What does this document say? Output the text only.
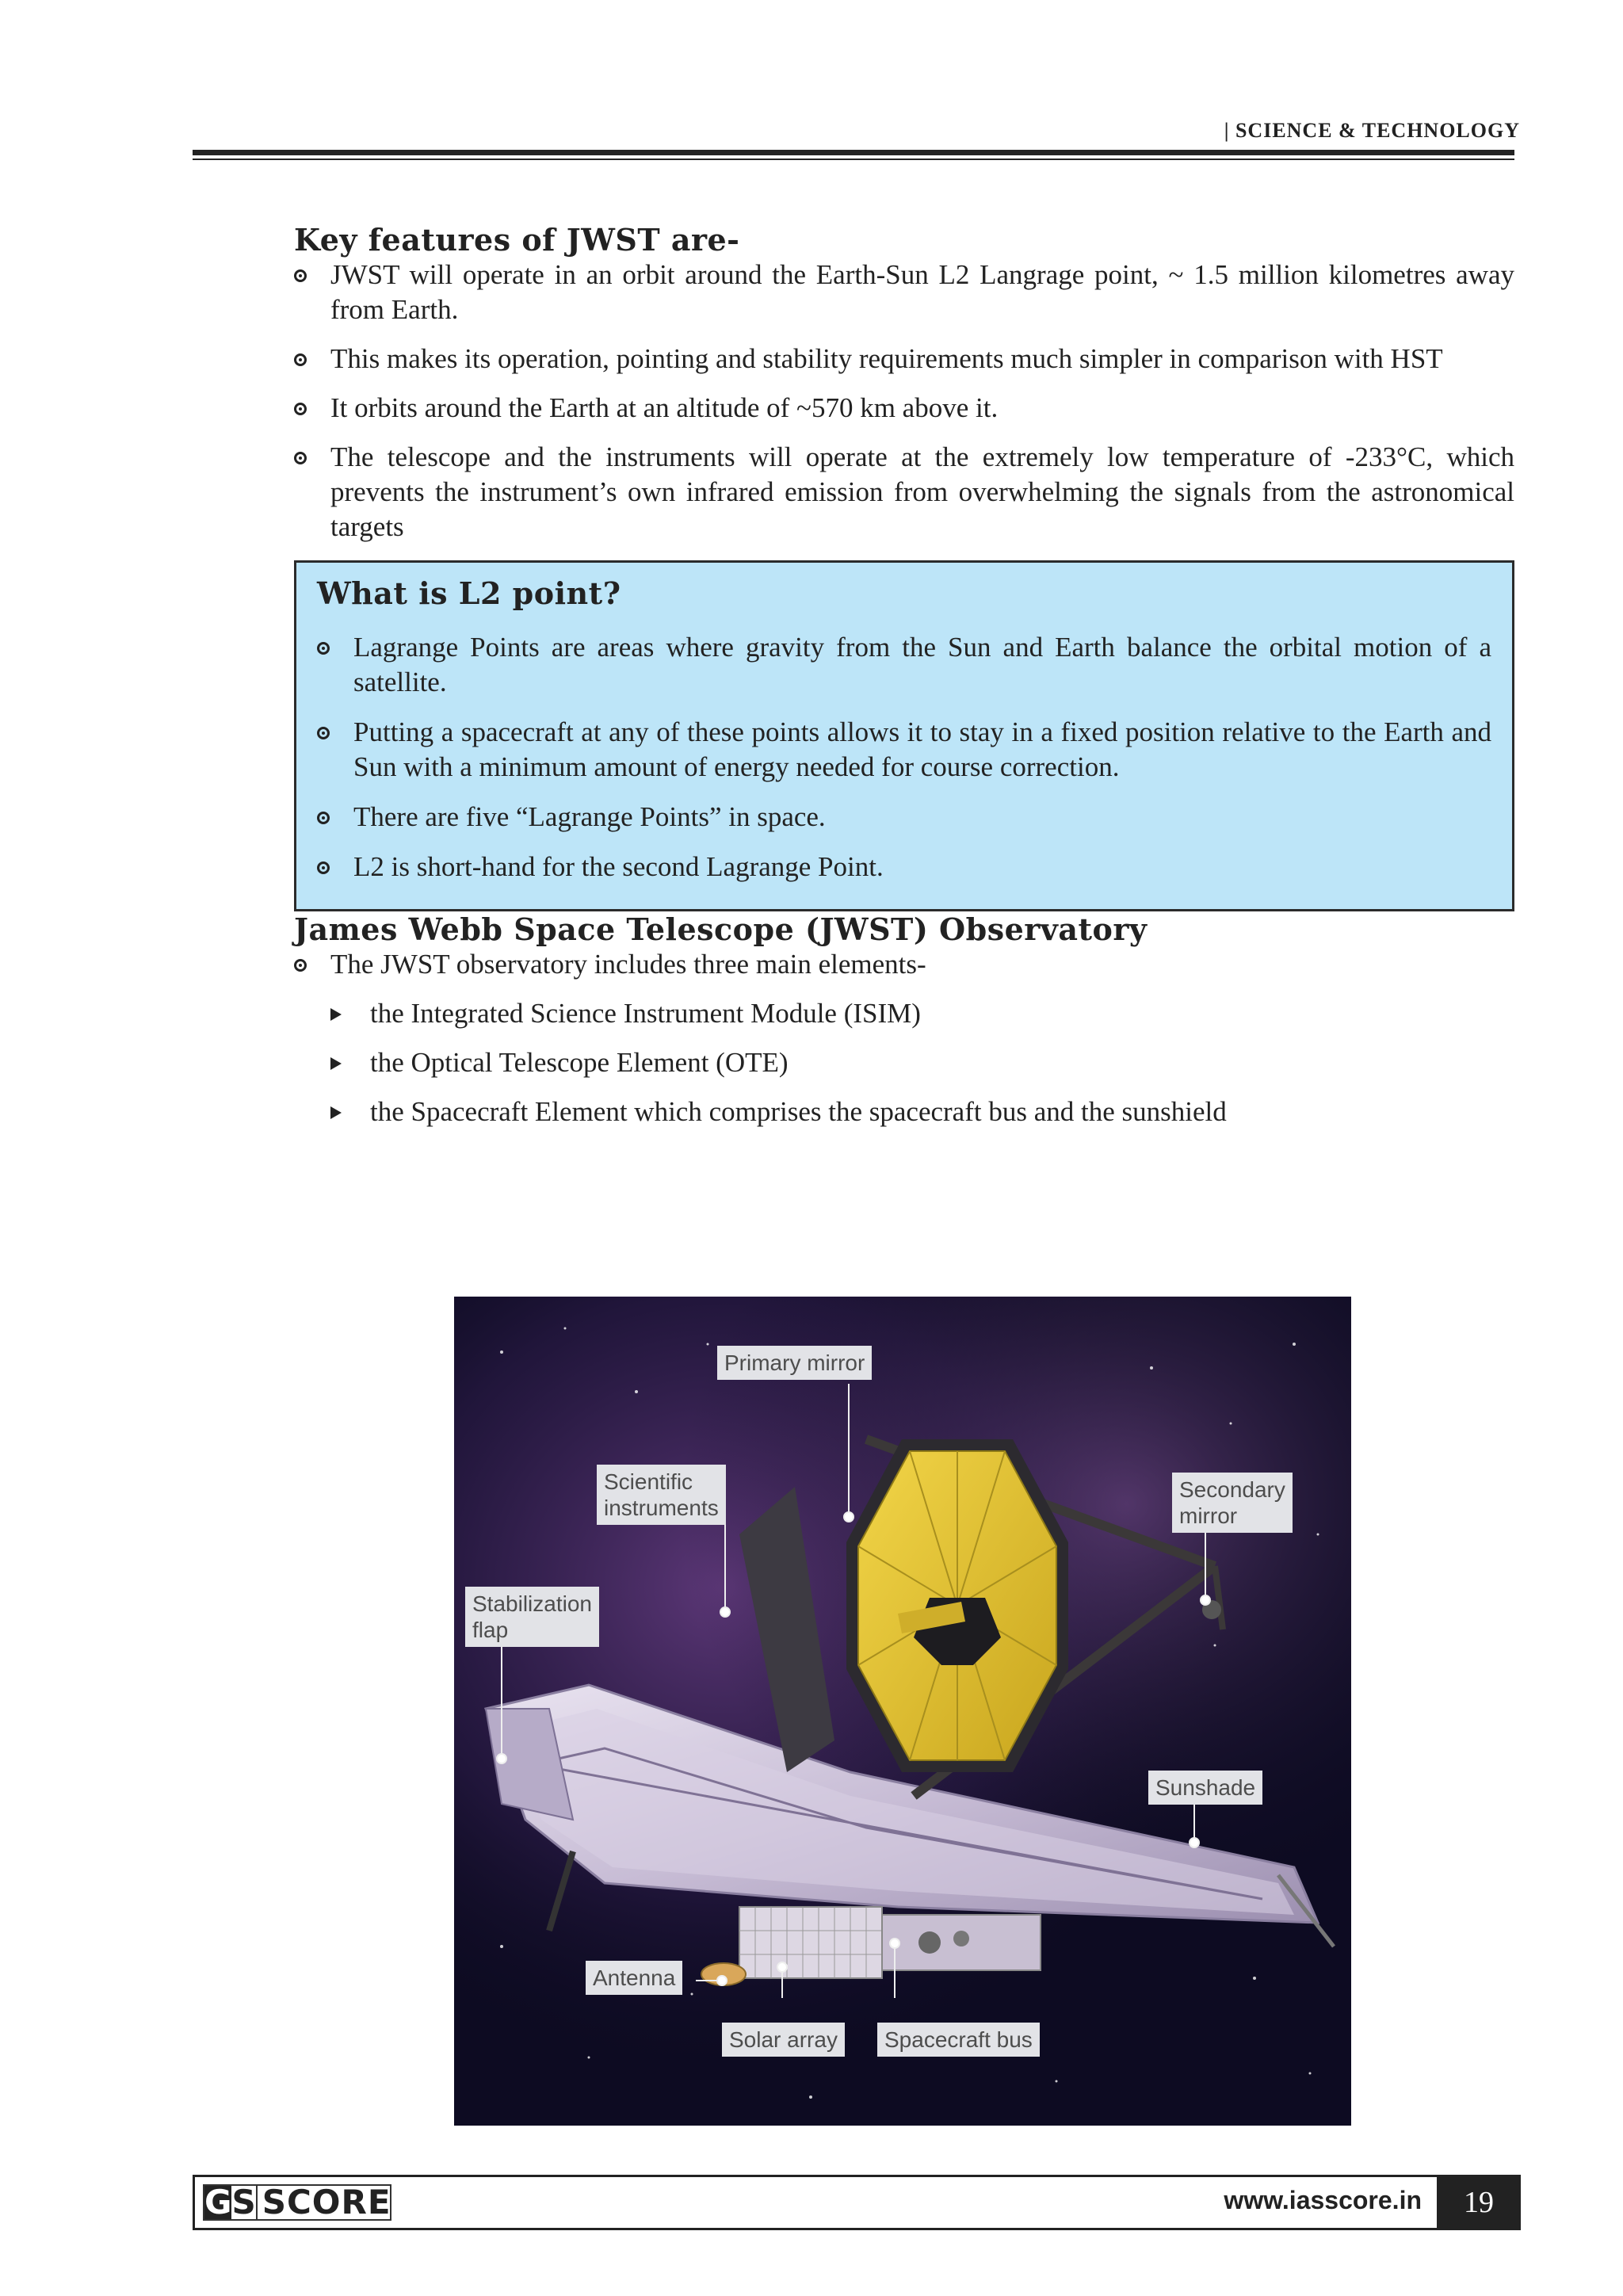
| SCIENCE & TECHNOLOGY
Key features of JWST are-
JWST will operate in an orbit around the Earth-Sun L2 Langrage point, ~ 1.5 million kilometres away from Earth.
This makes its operation, pointing and stability requirements much simpler in comparison with HST
It orbits around the Earth at an altitude of ~570 km above it.
The telescope and the instruments will operate at the extremely low temperature of -233°C, which prevents the instrument’s own infrared emission from overwhelming the signals from the astronomical targets
What is L2 point?
Lagrange Points are areas where gravity from the Sun and Earth balance the orbital motion of a satellite.
Putting a spacecraft at any of these points allows it to stay in a fixed position relative to the Earth and Sun with a minimum amount of energy needed for course correction.
There are five “Lagrange Points” in space.
L2 is short-hand for the second Lagrange Point.
James Webb Space Telescope (JWST) Observatory
The JWST observatory includes three main elements-
the Integrated Science Instrument Module (ISIM)
the Optical Telescope Element (OTE)
the Spacecraft Element which comprises the spacecraft bus and the sunshield
Primary mirror
Scientific
instruments
Secondary
mirror
Stabilization
flap
Sunshade
Antenna
Solar array	Spacecraft bus
G S SCORE	www.iasscore.in	19
